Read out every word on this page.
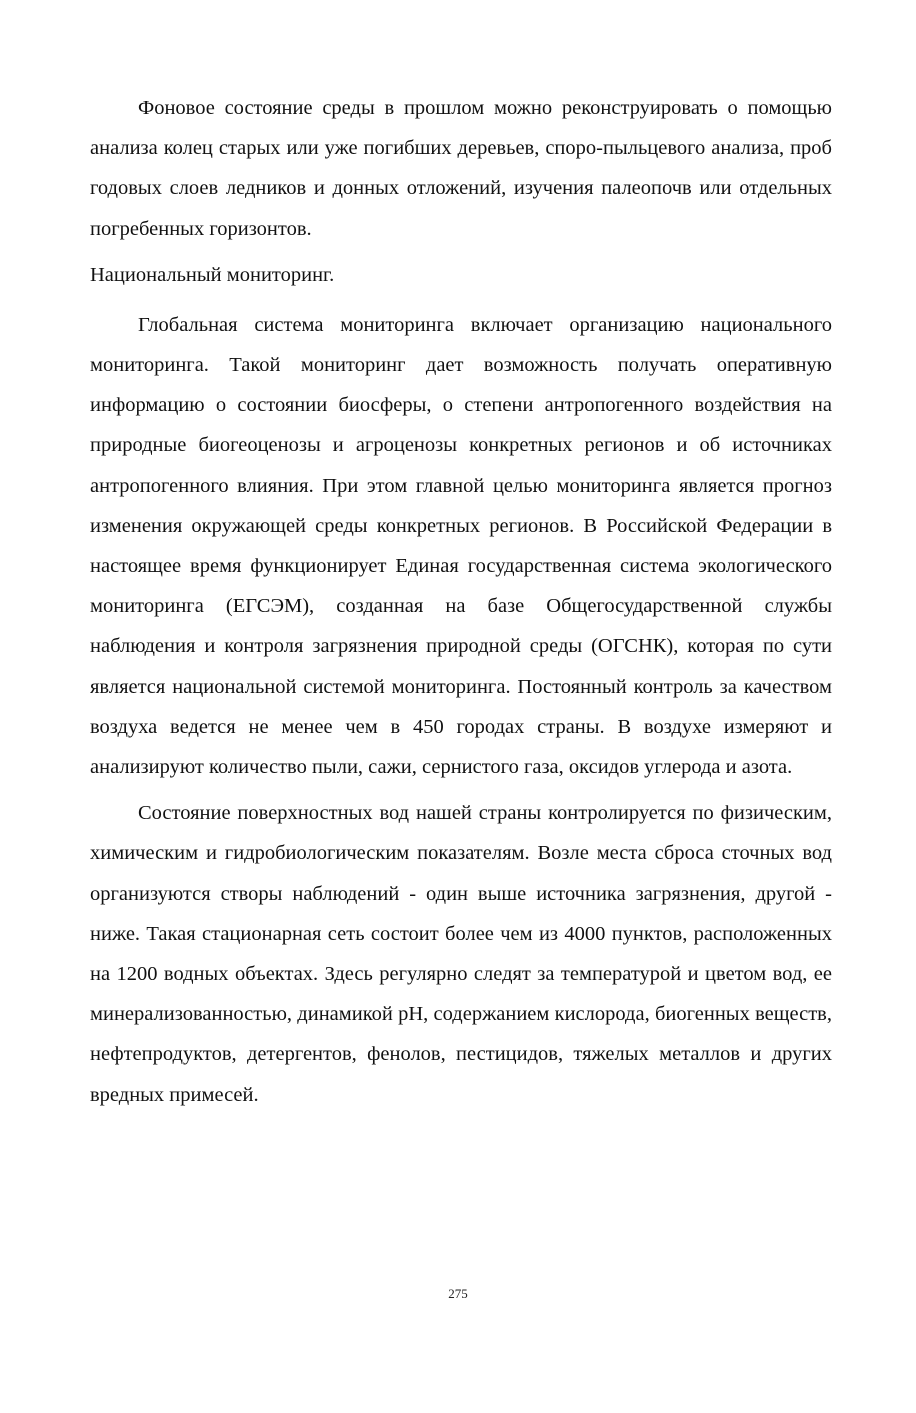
Фоновое состояние среды в прошлом можно реконструировать о помощью анализа колец старых или уже погибших деревьев, споро-пыльцевого анализа, проб годовых слоев ледников и донных отложений, изучения палеопочв или отдельных погребенных горизонтов.

Национальный мониторинг.

Глобальная система мониторинга включает организацию национального мониторинга. Такой мониторинг дает возможность получать оперативную информацию о состоянии биосферы, о степени антропогенного воздействия на природные биогеоценозы и агроценозы конкретных регионов и об источниках антропогенного влияния. При этом главной целью мониторинга является прогноз изменения окружающей среды конкретных регионов. В Российской Федерации в настоящее время функционирует Единая государственная система экологического мониторинга (ЕГСЭМ), созданная на базе Общегосударственной службы наблюдения и контроля загрязнения природной среды (ОГСНК), которая по сути является национальной системой мониторинга. Постоянный контроль за качеством воздуха ведется не менее чем в 450 городах страны. В воздухе измеряют и анализируют количество пыли, сажи, сернистого газа, оксидов углерода и азота.

Состояние поверхностных вод нашей страны контролируется по физическим, химическим и гидробиологическим показателям. Возле места сброса сточных вод организуются створы наблюдений - один выше источника загрязнения, другой - ниже. Такая стационарная сеть состоит более чем из 4000 пунктов, расположенных на 1200 водных объектах. Здесь регулярно следят за температурой и цветом вод, ее минерализованностью, динамикой рН, содержанием кислорода, биогенных веществ, нефтепродуктов, детергентов, фенолов, пестицидов, тяжелых металлов и других вредных примесей.

275
